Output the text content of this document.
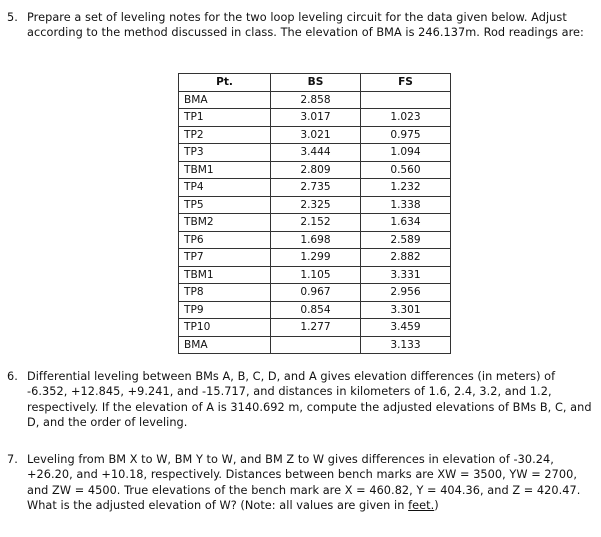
5. Prepare a set of leveling notes for the two loop leveling circuit for the data given below. Adjust according to the method discussed in class. The elevation of BMA is 246.137m. Rod readings are:
Pt.	BS	FS
BMA	2.858	
TP1	3.017	1.023
TP2	3.021	0.975
TP3	3.444	1.094
TBM1	2.809	0.560
TP4	2.735	1.232
TP5	2.325	1.338
TBM2	2.152	1.634
TP6	1.698	2.589
TP7	1.299	2.882
TBM1	1.105	3.331
TP8	0.967	2.956
TP9	0.854	3.301
TP10	1.277	3.459
BMA		3.133
6. Differential leveling between BMs A, B, C, D, and A gives elevation differences (in meters) of -6.352, +12.845, +9.241, and -15.717, and distances in kilometers of 1.6, 2.4, 3.2, and 1.2, respectively. If the elevation of A is 3140.692 m, compute the adjusted elevations of BMs B, C, and D, and the order of leveling.
7. Leveling from BM X to W, BM Y to W, and BM Z to W gives differences in elevation of -30.24, +26.20, and +10.18, respectively. Distances between bench marks are XW = 3500, YW = 2700, and ZW = 4500. True elevations of the bench mark are X = 460.82, Y = 404.36, and Z = 420.47. What is the adjusted elevation of W? (Note: all values are given in feet.)
